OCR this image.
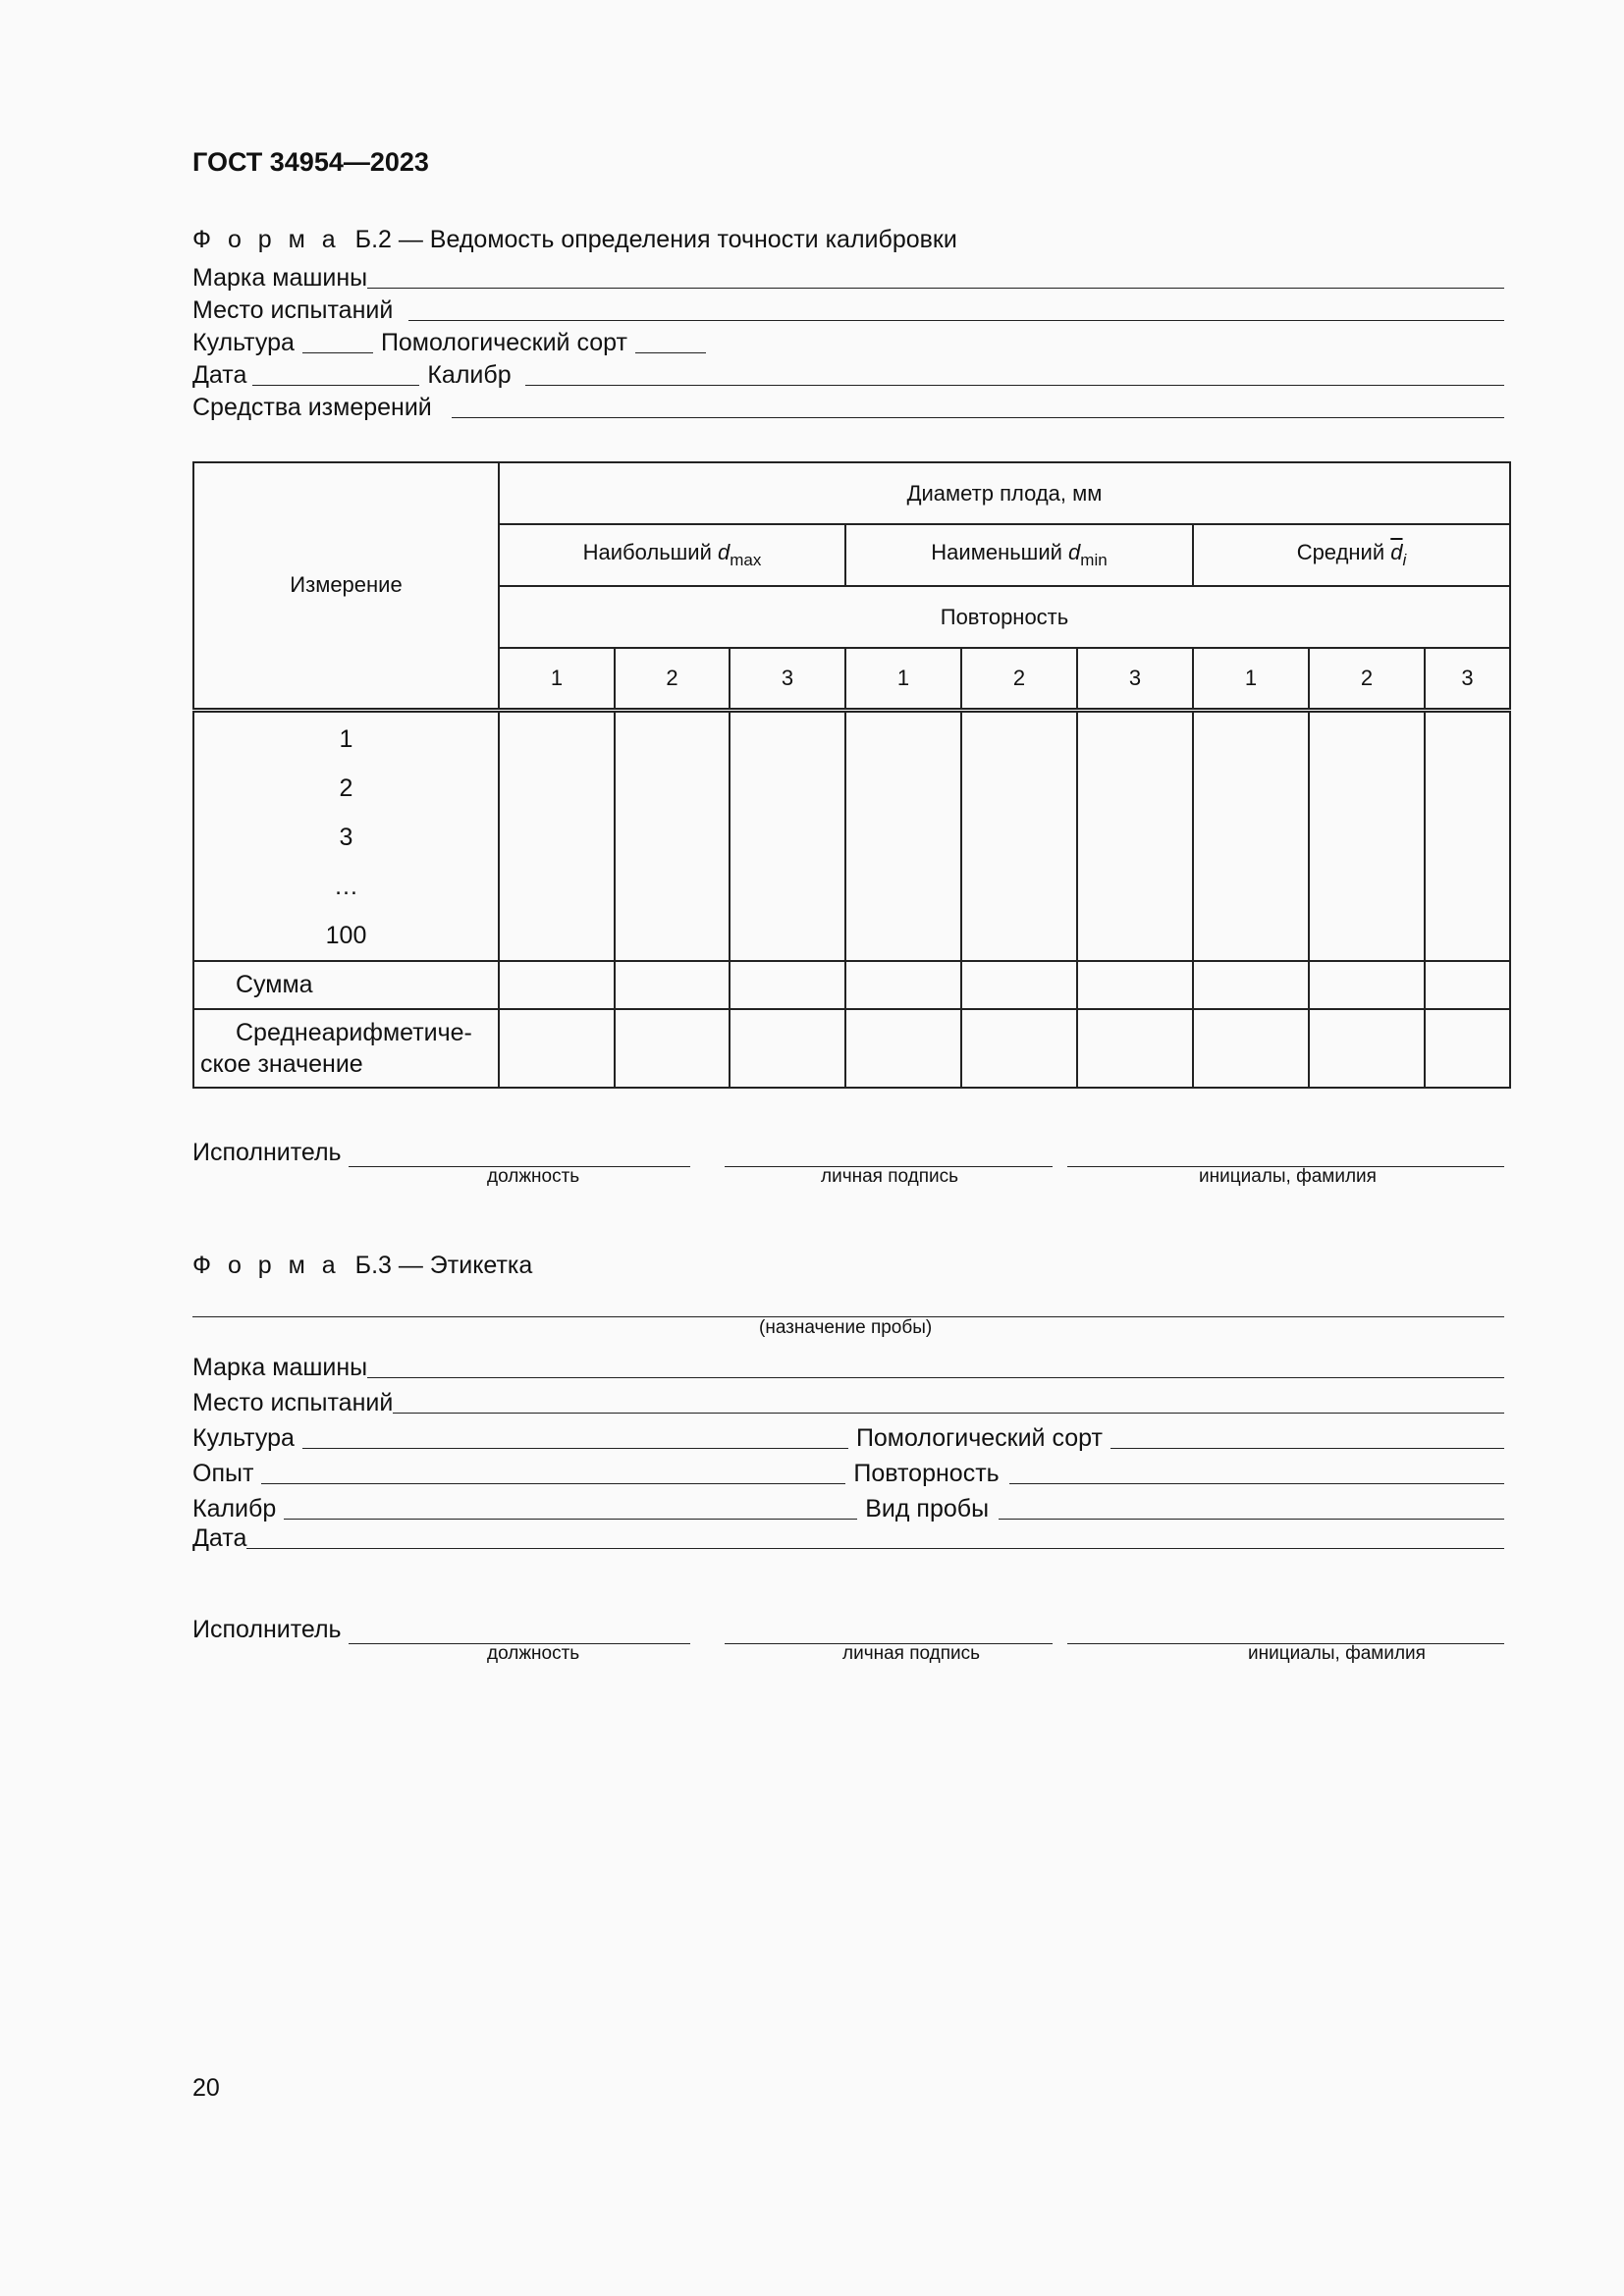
ГОСТ 34954—2023
Ф о р м а Б.2 — Ведомость определения точности калибровки
Марка машины
Место испытаний
Культура	Помологический сорт
Дата	Калибр
Средства измерений
Измерение	Диаметр плода, мм								
	Наибольший $d_{max}$			Наименьший $d_{min}$			Средний $\overline{d}_i$
	Повторность								
	1	2	3	1	2	3	1	2	3

1
2
3
…
100									

Сумма									

Среднеарифметиче-
ское значение									

Исполнитель
должность	личная подпись	инициалы, фамилия
Ф о р м а Б.3 — Этикетка
(назначение пробы)
Марка машины
Место испытаний
Культура	Помологический сорт
Опыт	Повторность
Калибр	Вид пробы
Дата
Исполнитель
должность	личная подпись	инициалы, фамилия
20
